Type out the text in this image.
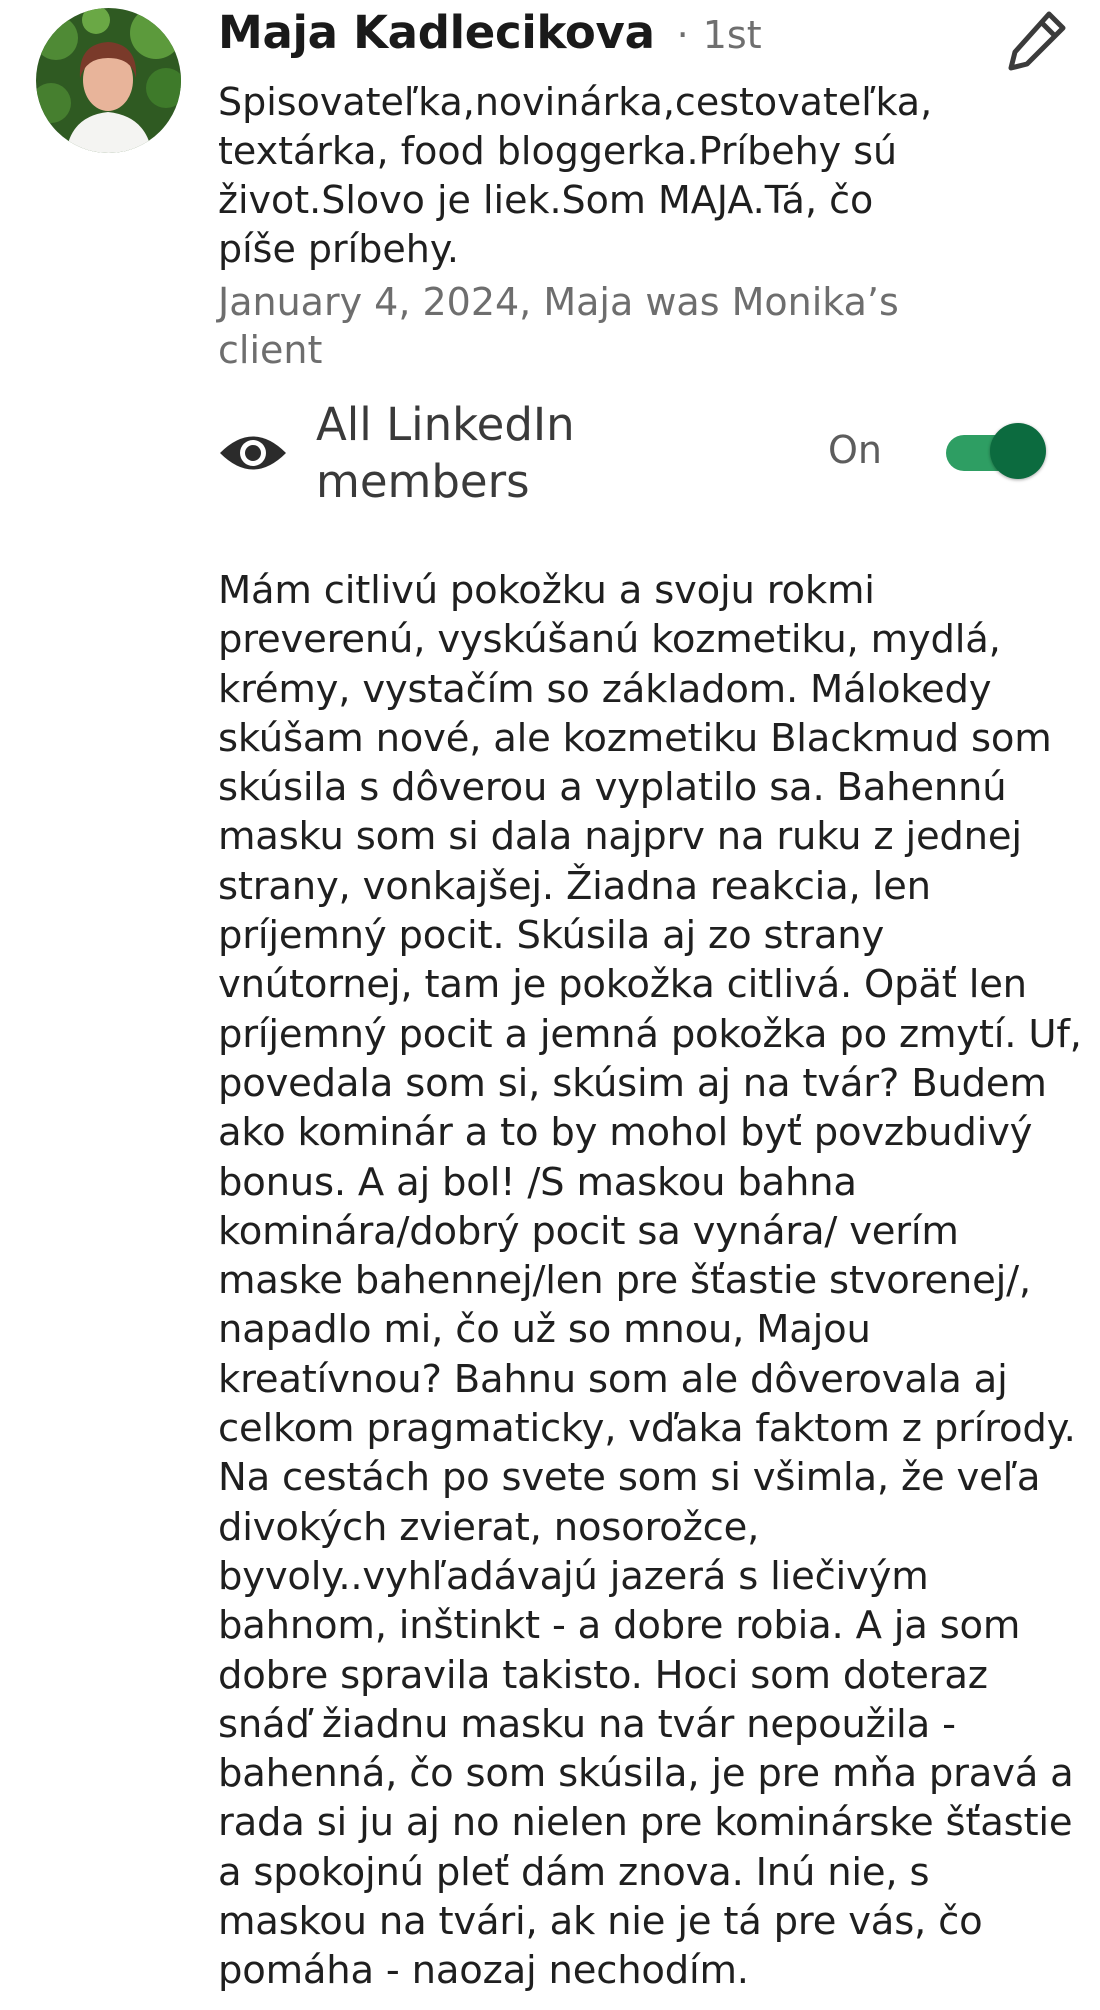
Maja Kadlecikova · 1st
Spisovateľka,novinárka,cestovateľka, textárka, food bloggerka.Príbehy sú život.Slovo je liek.Som MAJA.Tá, čo píše príbehy.
January 4, 2024, Maja was Monika’s client
All LinkedIn members
On
Mám citlivú pokožku a svoju rokmi preverenú, vyskúšanú kozmetiku, mydlá, krémy, vystačím so základom. Málokedy skúšam nové, ale kozmetiku Blackmud som skúsila s dôverou a vyplatilo sa. Bahennú masku som si dala najprv na ruku z jednej strany, vonkajšej. Žiadna reakcia, len príjemný pocit. Skúsila aj zo strany vnútornej, tam je pokožka citlivá. Opäť len príjemný pocit a jemná pokožka po zmytí. Uf, povedala som si, skúsim aj na tvár? Budem ako kominár a to by mohol byť povzbudivý bonus. A aj bol! /S maskou bahna kominára/dobrý pocit sa vynára/ verím maske bahennej/len pre šťastie stvorenej/, napadlo mi, čo už so mnou, Majou kreatívnou? Bahnu som ale dôverovala aj celkom pragmaticky, vďaka faktom z prírody. Na cestách po svete som si všimla, že veľa divokých zvierat, nosorožce, byvoly..vyhľadávajú jazerá s liečivým bahnom, inštinkt - a dobre robia. A ja som dobre spravila takisto. Hoci som doteraz snáď žiadnu masku na tvár nepoužila - bahenná, čo som skúsila, je pre mňa pravá a rada si ju aj no nielen pre kominárske šťastie a spokojnú pleť dám znova. Inú nie, s maskou na tvári, ak nie je tá pre vás, čo pomáha - naozaj nechodím.
